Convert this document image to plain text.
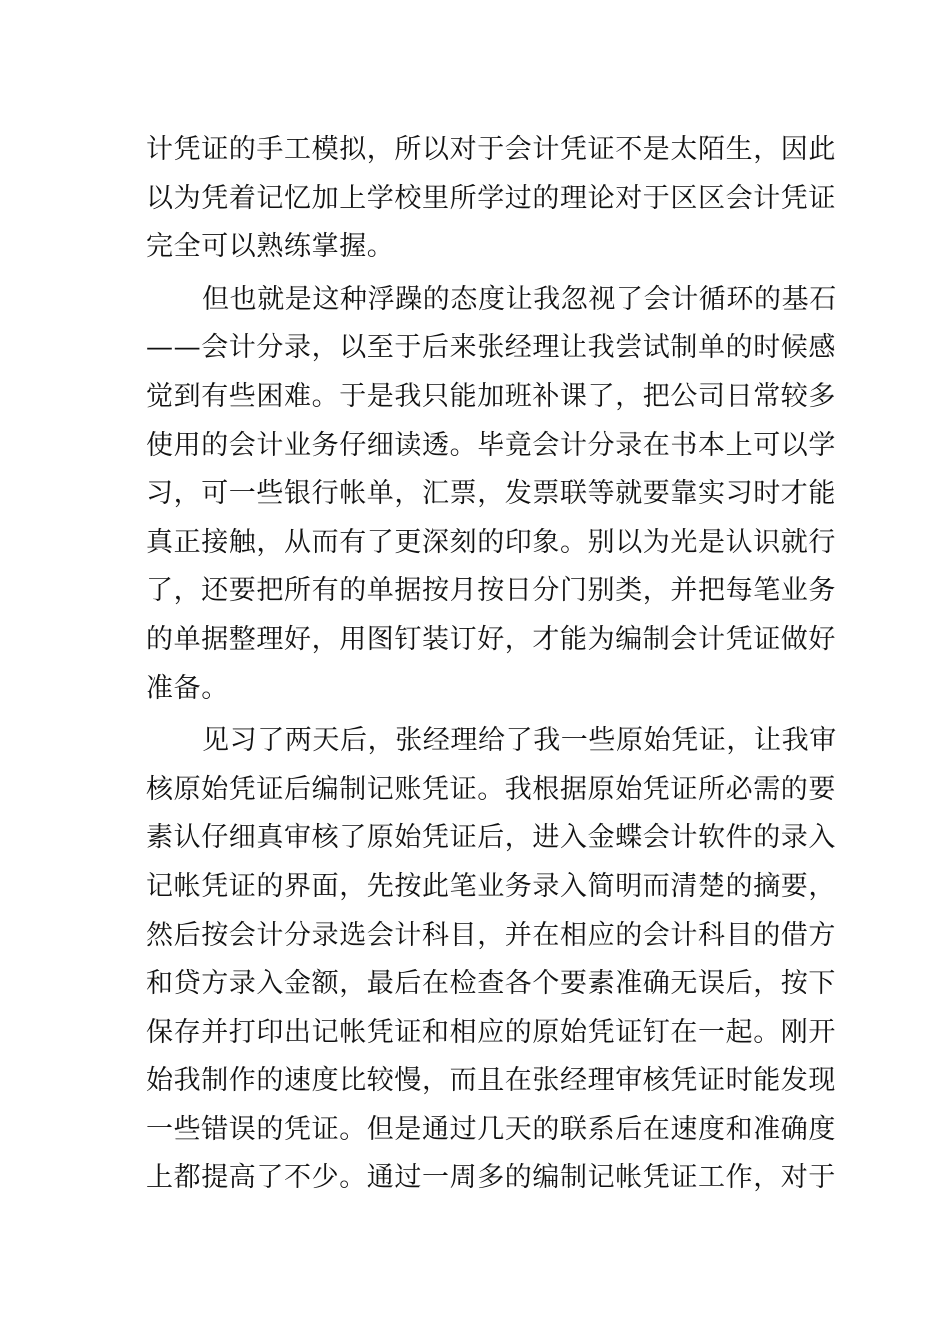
计凭证的手工模拟，所以对于会计凭证不是太陌生，因此
以为凭着记忆加上学校里所学过的理论对于区区会计凭证
完全可以熟练掌握。
但也就是这种浮躁的态度让我忽视了会计循环的基石
——会计分录，以至于后来张经理让我尝试制单的时候感
觉到有些困难。于是我只能加班补课了，把公司日常较多
使用的会计业务仔细读透。毕竟会计分录在书本上可以学
习，可一些银行帐单，汇票，发票联等就要靠实习时才能
真正接触，从而有了更深刻的印象。别以为光是认识就行
了，还要把所有的单据按月按日分门别类，并把每笔业务
的单据整理好，用图钉装订好，才能为编制会计凭证做好
准备。
见习了两天后，张经理给了我一些原始凭证，让我审
核原始凭证后编制记账凭证。我根据原始凭证所必需的要
素认仔细真审核了原始凭证后，进入金蝶会计软件的录入
记帐凭证的界面，先按此笔业务录入简明而清楚的摘要，
然后按会计分录选会计科目，并在相应的会计科目的借方
和贷方录入金额，最后在检查各个要素准确无误后，按下
保存并打印出记帐凭证和相应的原始凭证钉在一起。刚开
始我制作的速度比较慢，而且在张经理审核凭证时能发现
一些错误的凭证。但是通过几天的联系后在速度和准确度
上都提高了不少。通过一周多的编制记帐凭证工作，对于
